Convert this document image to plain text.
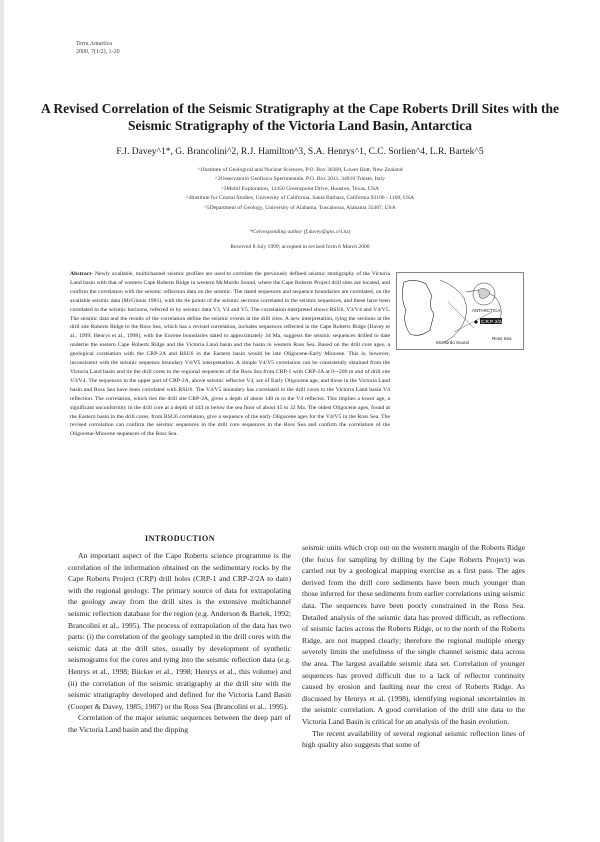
Terra Antartica
2000, 7(1/2), 1-20
A Revised Correlation of the Seismic Stratigraphy at the Cape Roberts Drill Sites with the Seismic Stratigraphy of the Victoria Land Basin, Antarctica
F.J. Davey^1*, G. Brancolini^2, R.J. Hamilton^3, S.A. Henrys^1, C.C. Sorlien^4, L.R. Bartek^5
^1Institute of Geological and Nuclear Sciences, P.O. Box 30368, Lower Hutt, New Zealand
^2Osservatorio Geofisico Sperimentale, P.O. Box 2011, 34016 Trieste, Italy
^3Mobil Exploration, 12450 Greenspoint Drive, Houston, Texas, USA
^4Institute for Crustal Studies, University of California, Santa Barbara, California 93106 - 1100, USA
^5Department of Geology, University of Alabama, Tuscaloosa, Alabama 35487, USA
*Corresponding author (f.davey@gns.cri.nz)
Received 8 July 1999; accepted in revised form 6 March 2000
Abstract- Newly available, multichannel seismic profiles are used to correlate the previously defined seismic stratigraphy of the Victoria Land basin with that of western Cape Roberts Ridge in western McMurdo Sound, where the Cape Roberts Project drill sites are located, and confirm the correlation with the seismic reflection data on the seismic. The dated sequences and sequence boundaries are correlated, on the available seismic data (McGinnis 1981), with the tie points of the seismic sections correlated to the seismic sequences, and these have been correlated to the seismic horizons, referred to by seismic data V3, V4 and V5. The correlation interpreted shows RSU6, V3/V4 and V4/V5. The seismic data and the results of the correlation define the seismic events at the drill sites. A new interpretation, tying the sections at the drill site Roberts Ridge to the Ross Sea, which has a revised correlation, includes sequences reflected in the Cape Roberts Ridge (Davey et al., 1999; Henrys et al., 1998), with the Eocene boundaries dated to approximately 34 Ma, suggests the seismic sequences drilled to date underlie the eastern Cape Roberts Ridge and the Victoria Land basin and the basin in western Ross Sea. Based on the drill core ages, a geological correlation with the CRP-2A and RSU6 in the Eastern basin would be late Oligocene-Early Miocene. This is, however, inconsistent with the seismic sequence boundary V4/V5 interpretation. A simple V4/V5 correlation can be consistently obtained from the Victoria Land basin and tie the drill cores to the regional sequences of the Ross Sea from CRP-1 with CRP-2A at 0-~200 m and of drill site V3/V4. The sequences in the upper part of CRP-2A, above seismic reflector V4, are of Early Oligocene age, and those in the Victoria Land basin and Ross Sea have been correlated with RSU6. The V4/V5 boundary has correlated in the drill cores to the Victoria Land basin V4 reflection. The correlation, which ties the drill site CRP-2A, gives a depth of about 140 m to the V4 reflector. This implies a lower age, a significant unconformity in the drill core at a depth of 443 m below the sea floor of about 45 to 32 Ma. The oldest Oligocene ages, found at the Eastern basin in the drill cores, from RSU6 correlation, give a sequence of the early Oligocene ages for the V4/V5 in the Ross Sea. The revised correlation can confirm the seismic sequences in the drill core sequences in the Ross Sea and confirm the correlation of the Oligocene-Miocene sequences of the Ross Sea.
ANTARCTICA
C.R.P. 2/2A
Ross Sea
McMurdo Sound
INTRODUCTION

An important aspect of the Cape Roberts science programme is the correlation of the information obtained on the sedimentary rocks by the Cape Roberts Project (CRP) drill holes (CRP-1 and CRP-2/2A to date) with the regional geology. The primary source of data for extrapolating the geology away from the drill sites is the extensive multichannel seismic reflection database for the region (e.g. Anderson & Bartek, 1992; Brancolini et al., 1995). The process of extrapolation of the data has two parts: (i) the correlation of the geology sampled in the drill cores with the seismic data at the drill sites, usually by development of synthetic seismograms for the cores and tying into the seismic reflection data (e.g. Henrys et al., 1998; Bücker et al., 1998; Henrys et al., this volume) and (ii) the correlation of the seismic stratigraphy at the drill site with the seismic stratigraphy developed and defined for the Victoria Land Basin (Cooper & Davey, 1985; 1987) or the Ross Sea (Brancolini et al., 1995).

Correlation of the major seismic sequences between the deep part of the Victoria Land basin and the dipping

seismic units which crop out on the western margin of the Roberts Ridge (the focus for sampling by drilling by the Cape Roberts Project) was carried out by a geological mapping exercise as a first pass. The ages derived from the drill core sediments have been much younger than those inferred for these sediments from earlier correlations using seismic data. The sequences have been poorly constrained in the Ross Sea. Detailed analysis of the seismic data has proved difficult, as reflections of seismic facies across the Roberts Ridge, or to the north of the Roberts Ridge, are not mapped clearly; therefore the regional multiple energy severely limits the usefulness of the single channel seismic data across the area. The largest available seismic data set. Correlation of younger sequences has proved difficult due to a lack of reflector continuity caused by erosion and faulting near the crest of Roberts Ridge. As discussed by Henrys et al. (1998), identifying regional uncertainties in the seismic correlation. A good correlation of the drill site data to the Victoria Land Basin is critical for an analysis of the basin evolution.

The recent availability of several regional seismic reflection lines of high quality also suggests that some of
